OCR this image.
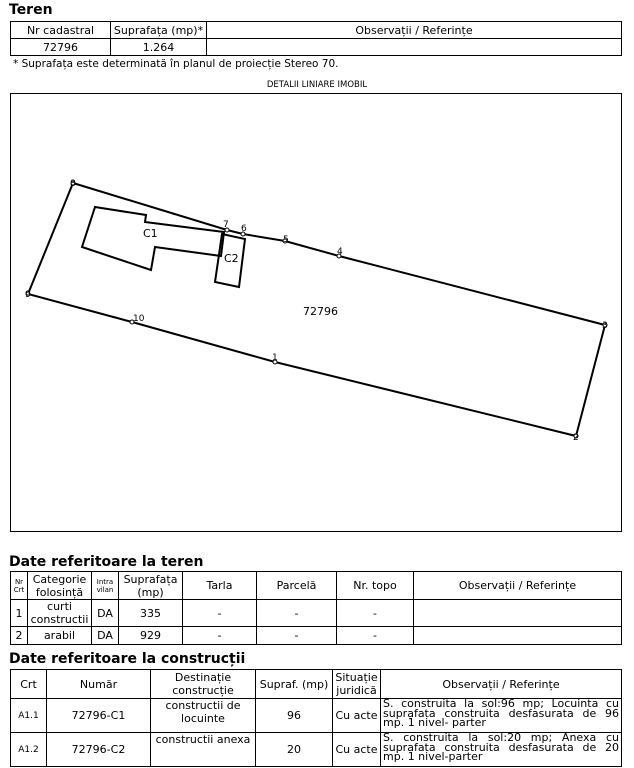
Teren
Nr cadastral	Suprafața (mp)*	Observații / Referințe
72796	1.264	
* Suprafața este determinată în planul de proiecție Stereo 70.
DETALII LINIARE IMOBIL
1
2
3
4
5
6
7
8
9
10
C1
C2
72796
Date referitoare la teren
Nr Crt	Categorie folosință	Intra vilan	Suprafața (mp)	Tarla	Parcelă	Nr. topo	Observații / Referințe
1	curti constructii	DA	335	-	-	-	
2	arabil	DA	929	-	-	-	
Date referitoare la construcții
Crt	Număr	Destinație construcție	Supraf. (mp)	Situație juridică	Observații / Referințe
A1.1	72796-C1	constructii de locuinte	96	Cu acte	S. construita la sol:96 mp; Locuinta cu suprafata construita desfasurata de 96 mp. 1 nivel- parter
A1.2	72796-C2	constructii anexa	20	Cu acte	S. construita la sol:20 mp; Anexa cu suprafata construita desfasurata de 20 mp. 1 nivel-parter
